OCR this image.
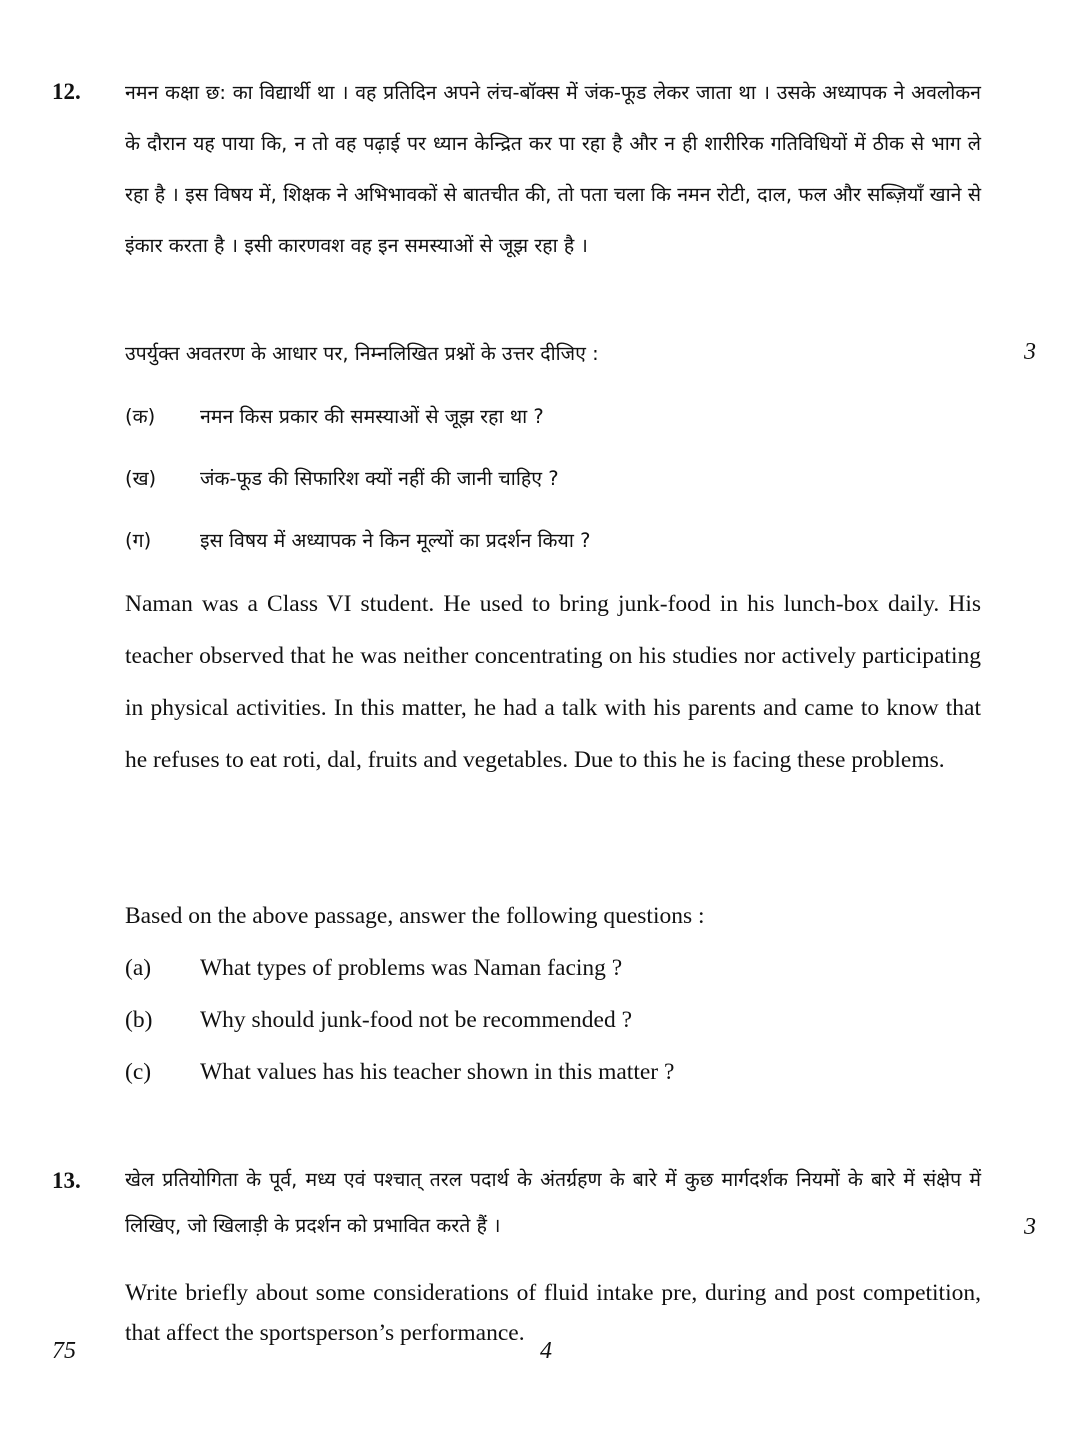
12. नमन कक्षा छ: का विद्यार्थी था । वह प्रतिदिन अपने लंच-बॉक्स में जंक-फूड लेकर जाता था । उसके अध्यापक ने अवलोकन के दौरान यह पाया कि, न तो वह पढ़ाई पर ध्यान केन्द्रित कर पा रहा है और न ही शारीरिक गतिविधियों में ठीक से भाग ले रहा है । इस विषय में, शिक्षक ने अभिभावकों से बातचीत की, तो पता चला कि नमन रोटी, दाल, फल और सब्ज़ियाँ खाने से इंकार करता है । इसी कारणवश वह इन समस्याओं से जूझ रहा है ।
उपर्युक्त अवतरण के आधार पर, निम्नलिखित प्रश्नों के उत्तर दीजिए :	3
(क) नमन किस प्रकार की समस्याओं से जूझ रहा था ?
(ख) जंक-फूड की सिफारिश क्यों नहीं की जानी चाहिए ?
(ग)	इस विषय में अध्यापक ने किन मूल्यों का प्रदर्शन किया ?
Naman was a Class VI student. He used to bring junk-food in his lunch-box daily. His teacher observed that he was neither concentrating on his studies nor actively participating in physical activities. In this matter, he had a talk with his parents and came to know that he refuses to eat roti, dal, fruits and vegetables. Due to this he is facing these problems.
Based on the above passage, answer the following questions :
(a) What types of problems was Naman facing ?
(b) Why should junk-food not be recommended ?
(c) What values has his teacher shown in this matter ?
13. खेल प्रतियोगिता के पूर्व, मध्य एवं पश्चात् तरल पदार्थ के अंतर्ग्रहण के बारे में कुछ मार्गदर्शक नियमों के बारे में संक्षेप में लिखिए, जो खिलाड़ी के प्रदर्शन को प्रभावित करते हैं ।	3
Write briefly about some considerations of fluid intake pre, during and post competition, that affect the sportsperson’s performance.
75	4
